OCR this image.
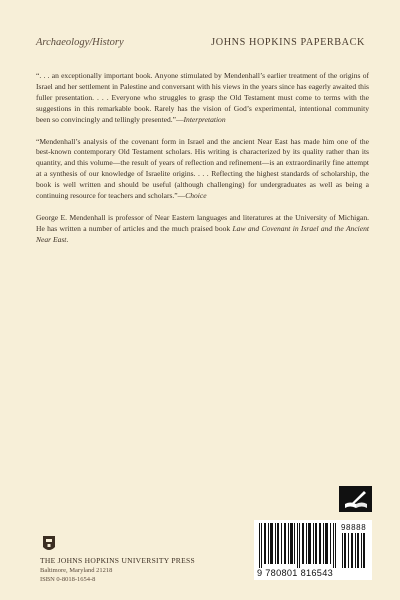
Archaeology/History	JOHNS HOPKINS PAPERBACK

“. . . an exceptionally important book. Anyone stimulated by Mendenhall’s earlier treatment of the origins of Israel and her settlement in Palestine and conversant with his views in the years since has eagerly awaited this fuller presentation. . . . Everyone who struggles to grasp the Old Testament must come to terms with the suggestions in this remarkable book. Rarely has the vision of God’s experimental, intentional community been so convincingly and tellingly presented.”—Interpretation

“Mendenhall’s analysis of the covenant form in Israel and the ancient Near East has made him one of the best-known contemporary Old Testament scholars. His writing is characterized by its quality rather than its quantity, and this volume—the result of years of reflection and refinement—is an extraordinarily fine attempt at a synthesis of our knowledge of Israelite origins. . . . Reflecting the highest standards of scholarship, the book is well written and should be useful (although challenging) for undergraduates as well as being a continuing resource for teachers and scholars.”—Choice

George E. Mendenhall is professor of Near Eastern languages and literatures at the University of Michigan. He has written a number of articles and the much praised book Law and Covenant in Israel and the Ancient Near East.

98888
9 780801 816543
THE JOHNS HOPKINS UNIVERSITY PRESS
Baltimore, Maryland 21218
ISBN 0-8018-1654-8
